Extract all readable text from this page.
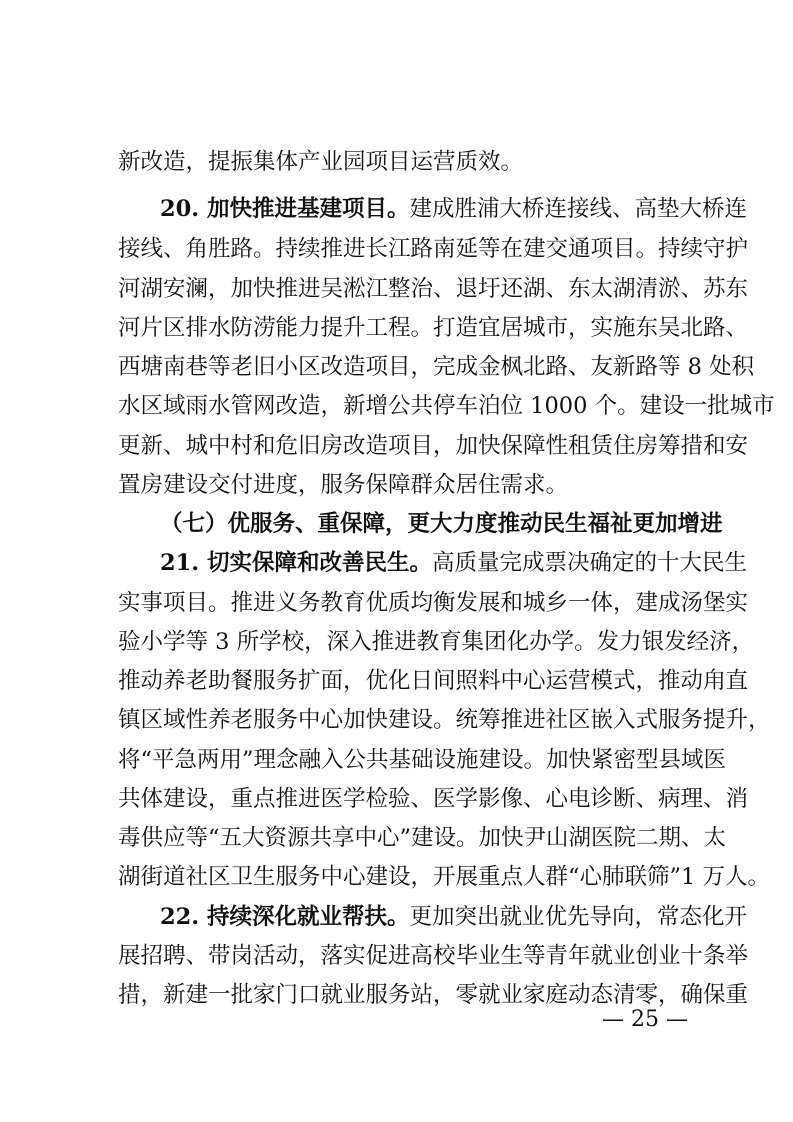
新改造，提振集体产业园项目运营质效。
20. 加快推进基建项目。建成胜浦大桥连接线、高垫大桥连
接线、角胜路。持续推进长江路南延等在建交通项目。持续守护
河湖安澜，加快推进吴淞江整治、退圩还湖、东太湖清淤、苏东
河片区排水防涝能力提升工程。打造宜居城市，实施东吴北路、
西塘南巷等老旧小区改造项目，完成金枫北路、友新路等 8 处积
水区域雨水管网改造，新增公共停车泊位 1000 个。建设一批城市
更新、城中村和危旧房改造项目，加快保障性租赁住房筹措和安
置房建设交付进度，服务保障群众居住需求。
（七）优服务、重保障，更大力度推动民生福祉更加增进
21. 切实保障和改善民生。高质量完成票决确定的十大民生
实事项目。推进义务教育优质均衡发展和城乡一体，建成汤堡实
验小学等 3 所学校，深入推进教育集团化办学。发力银发经济，
推动养老助餐服务扩面，优化日间照料中心运营模式，推动甪直
镇区域性养老服务中心加快建设。统筹推进社区嵌入式服务提升，
将“平急两用”理念融入公共基础设施建设。加快紧密型县域医
共体建设，重点推进医学检验、医学影像、心电诊断、病理、消
毒供应等“五大资源共享中心”建设。加快尹山湖医院二期、太
湖街道社区卫生服务中心建设，开展重点人群“心肺联筛”1 万人。
22. 持续深化就业帮扶。更加突出就业优先导向，常态化开
展招聘、带岗活动，落实促进高校毕业生等青年就业创业十条举
措，新建一批家门口就业服务站，零就业家庭动态清零，确保重
— 25 —
